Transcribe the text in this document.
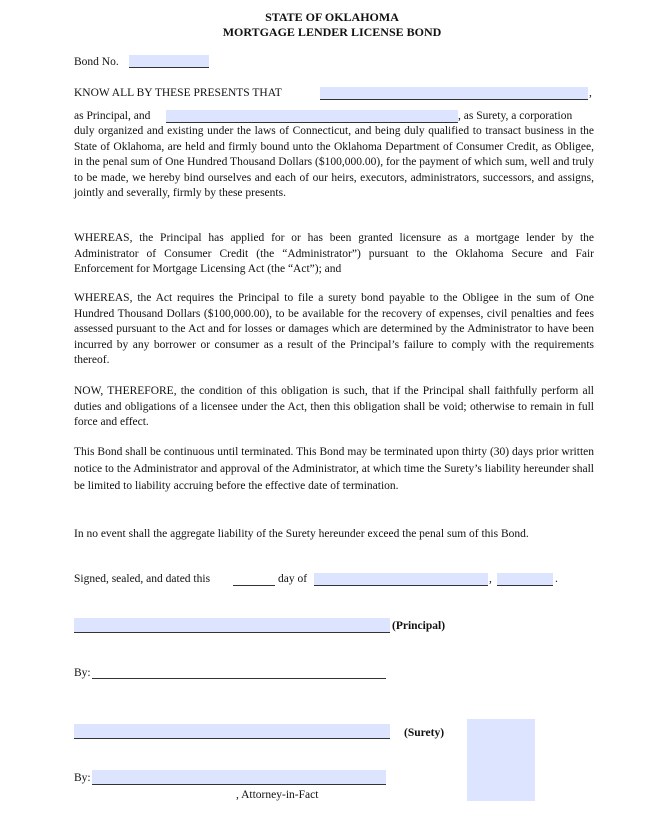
STATE OF OKLAHOMA
MORTGAGE LENDER LICENSE BOND
Bond No.
KNOW ALL BY THESE PRESENTS THAT	,
as Principal, and	, as Surety, a corporation
duly organized and existing under the laws of Connecticut, and being duly qualified to transact business in the State of Oklahoma, are held and firmly bound unto the Oklahoma Department of Consumer Credit, as Obligee, in the penal sum of One Hundred Thousand Dollars ($100,000.00), for the payment of which sum, well and truly to be made, we hereby bind ourselves and each of our heirs, executors, administrators, successors, and assigns, jointly and severally, firmly by these presents.
WHEREAS, the Principal has applied for or has been granted licensure as a mortgage lender by the Administrator of Consumer Credit (the “Administrator”) pursuant to the Oklahoma Secure and Fair Enforcement for Mortgage Licensing Act (the “Act”); and
WHEREAS, the Act requires the Principal to file a surety bond payable to the Obligee in the sum of One Hundred Thousand Dollars ($100,000.00), to be available for the recovery of expenses, civil penalties and fees assessed pursuant to the Act and for losses or damages which are determined by the Administrator to have been incurred by any borrower or consumer as a result of the Principal’s failure to comply with the requirements thereof.
NOW, THEREFORE, the condition of this obligation is such, that if the Principal shall faithfully perform all duties and obligations of a licensee under the Act, then this obligation shall be void; otherwise to remain in full force and effect.
This Bond shall be continuous until terminated. This Bond may be terminated upon thirty (30) days prior written notice to the Administrator and approval of the Administrator, at which time the Surety’s liability hereunder shall be limited to liability accruing before the effective date of termination.
In no event shall the aggregate liability of the Surety hereunder exceed the penal sum of this Bond.
Signed, sealed, and dated this	day of	,	.
(Principal)
By:
(Surety)
By:
, Attorney-in-Fact
